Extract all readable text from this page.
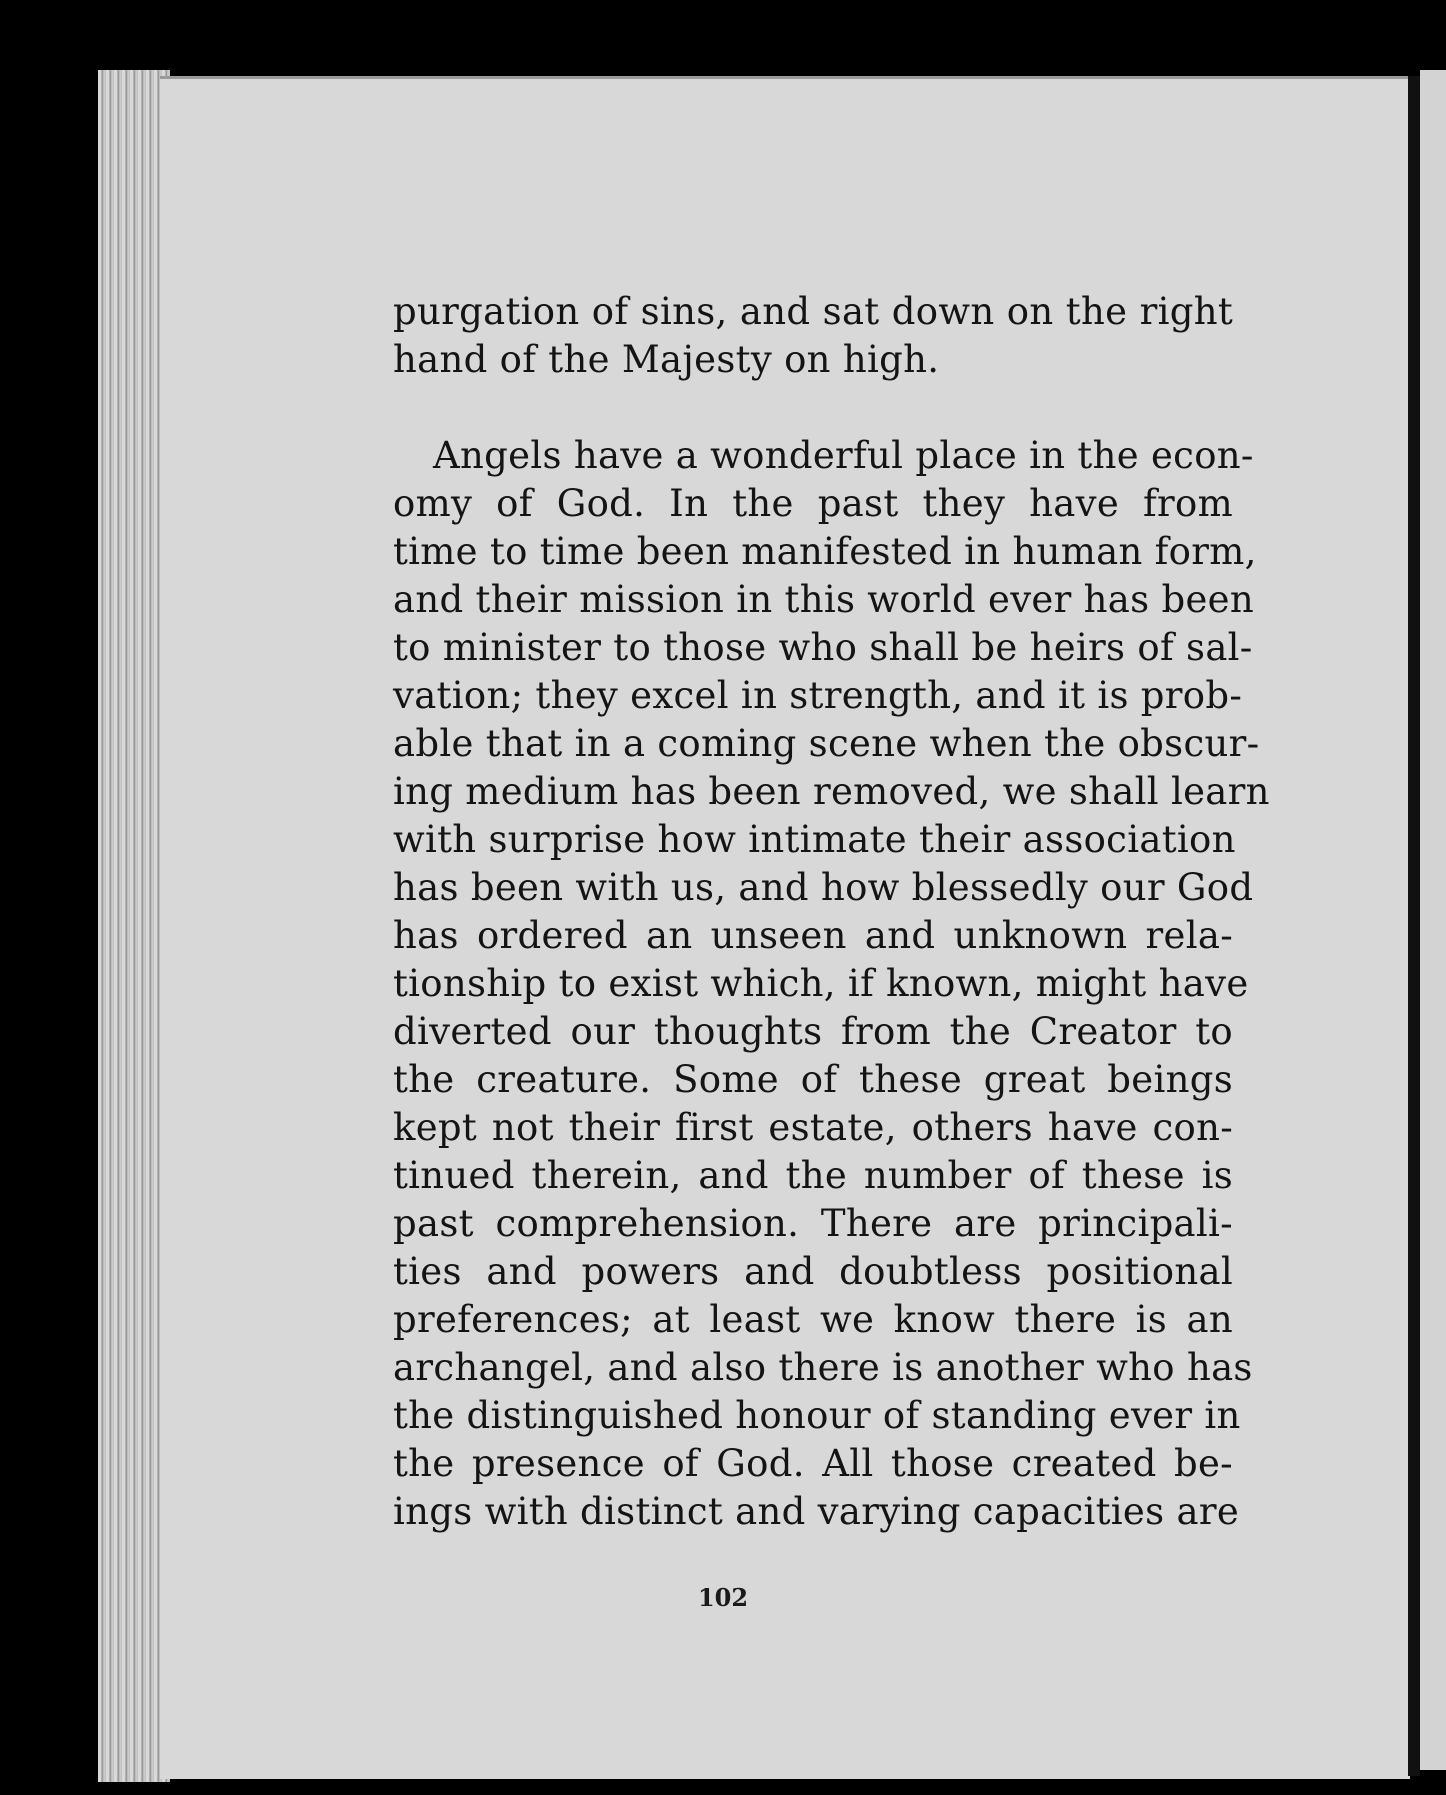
purgation of sins, and sat down on the right
hand of the Majesty on high.
Angels have a wonderful place in the econ-
omy of God. In the past they have from
time to time been manifested in human form,
and their mission in this world ever has been
to minister to those who shall be heirs of sal-
vation; they excel in strength, and it is prob-
able that in a coming scene when the obscur-
ing medium has been removed, we shall learn
with surprise how intimate their association
has been with us, and how blessedly our God
has ordered an unseen and unknown rela-
tionship to exist which, if known, might have
diverted our thoughts from the Creator to
the creature. Some of these great beings
kept not their first estate, others have con-
tinued therein, and the number of these is
past comprehension. There are principali-
ties and powers and doubtless positional
preferences; at least we know there is an
archangel, and also there is another who has
the distinguished honour of standing ever in
the presence of God. All those created be-
ings with distinct and varying capacities are
102
